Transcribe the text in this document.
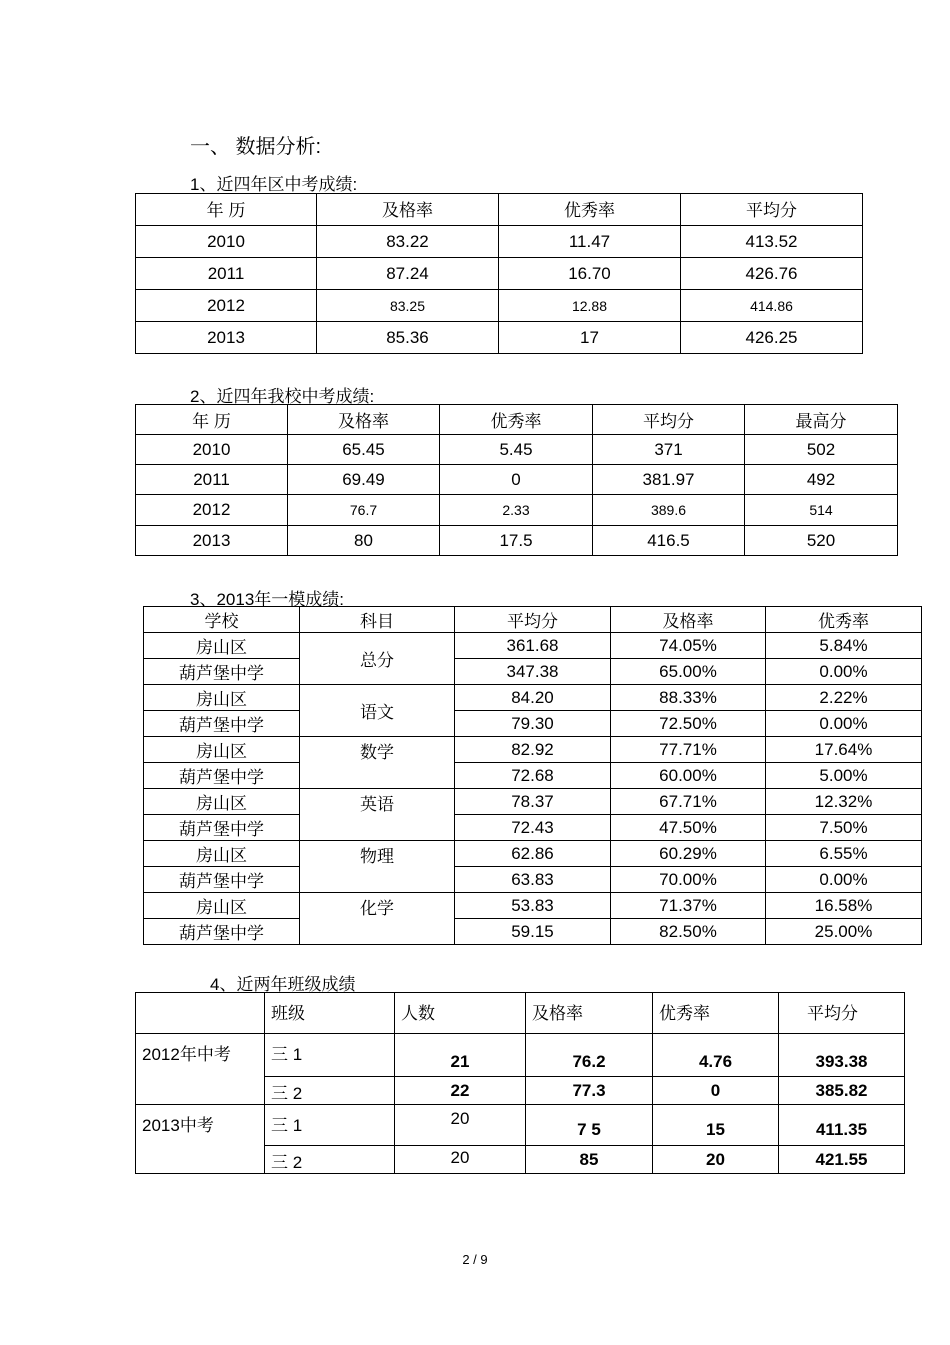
一、 数据分析:
1、近四年区中考成绩:
年 历	及格率	优秀率	平均分
2010	83.22	11.47	413.52
2011	87.24	16.70	426.76
2012	83.25	12.88	414.86
2013	85.36	17	426.25
2、近四年我校中考成绩:
年 历	及格率	优秀率	平均分	最高分
2010	65.45	5.45	371	502
2011	69.49	0	381.97	492
2012	76.7	2.33	389.6	514
2013	80	17.5	416.5	520
3、2013年一模成绩:
学校	科目	平均分	及格率	优秀率
房山区	总分	361.68	74.05%	5.84%
葫芦堡中学		347.38	65.00%	0.00%
房山区	语文	84.20	88.33%	2.22%
葫芦堡中学		79.30	72.50%	0.00%
房山区	数学	82.92	77.71%	17.64%
葫芦堡中学		72.68	60.00%	5.00%
房山区	英语	78.37	67.71%	12.32%
葫芦堡中学		72.43	47.50%	7.50%
房山区	物理	62.86	60.29%	6.55%
葫芦堡中学		63.83	70.00%	0.00%
房山区	化学	53.83	71.37%	16.58%
葫芦堡中学		59.15	82.50%	25.00%
4、近两年班级成绩
	班级	人数	及格率	优秀率	平均分
2012年中考	三 1	21	76.2	4.76	393.38
	三 2	22	77.3	0	385.82
2013中考	三 1	20	7 5	15	411.35
	三 2	20	85	20	421.55
2 / 9
